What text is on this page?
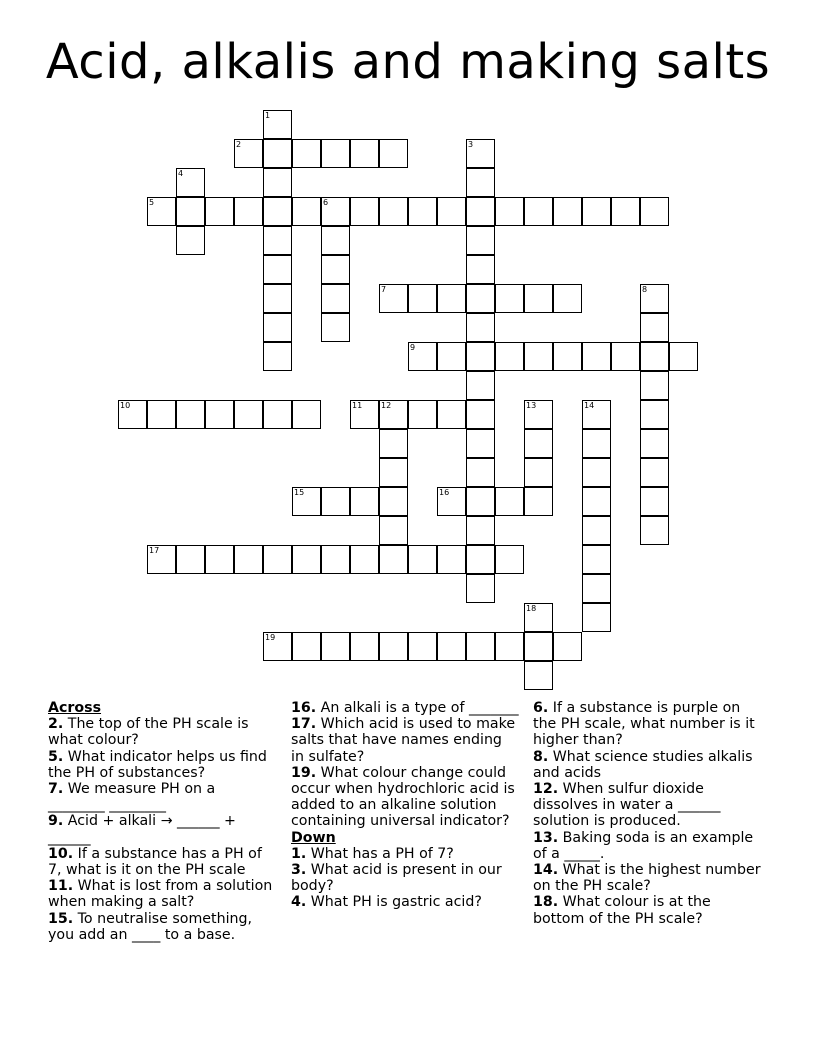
Acid, alkalis and making salts
1
2	3
4
5	6
7	8
9
10	11 12	13	14
15	16
17
18
19
Across
2. The top of the PH scale is what colour?
5. What indicator helps us find the PH of substances?
7. We measure PH on a ________ ________
9. Acid + alkali → ______ + ______
10. If a substance has a PH of 7, what is it on the PH scale
11. What is lost from a solution when making a salt?
15. To neutralise something, you add an ____ to a base.
16. An alkali is a type of _______
17. Which acid is used to make salts that have names ending in sulfate?
19. What colour change could occur when hydrochloric acid is added to an alkaline solution containing universal indicator?
Down
1. What has a PH of 7?
3. What acid is present in our body?
4. What PH is gastric acid?
6. If a substance is purple on the PH scale, what number is it higher than?
8. What science studies alkalis and acids
12. When sulfur dioxide dissolves in water a ______ solution is produced.
13. Baking soda is an example of a _____.
14. What is the highest number on the PH scale?
18. What colour is at the bottom of the PH scale?
